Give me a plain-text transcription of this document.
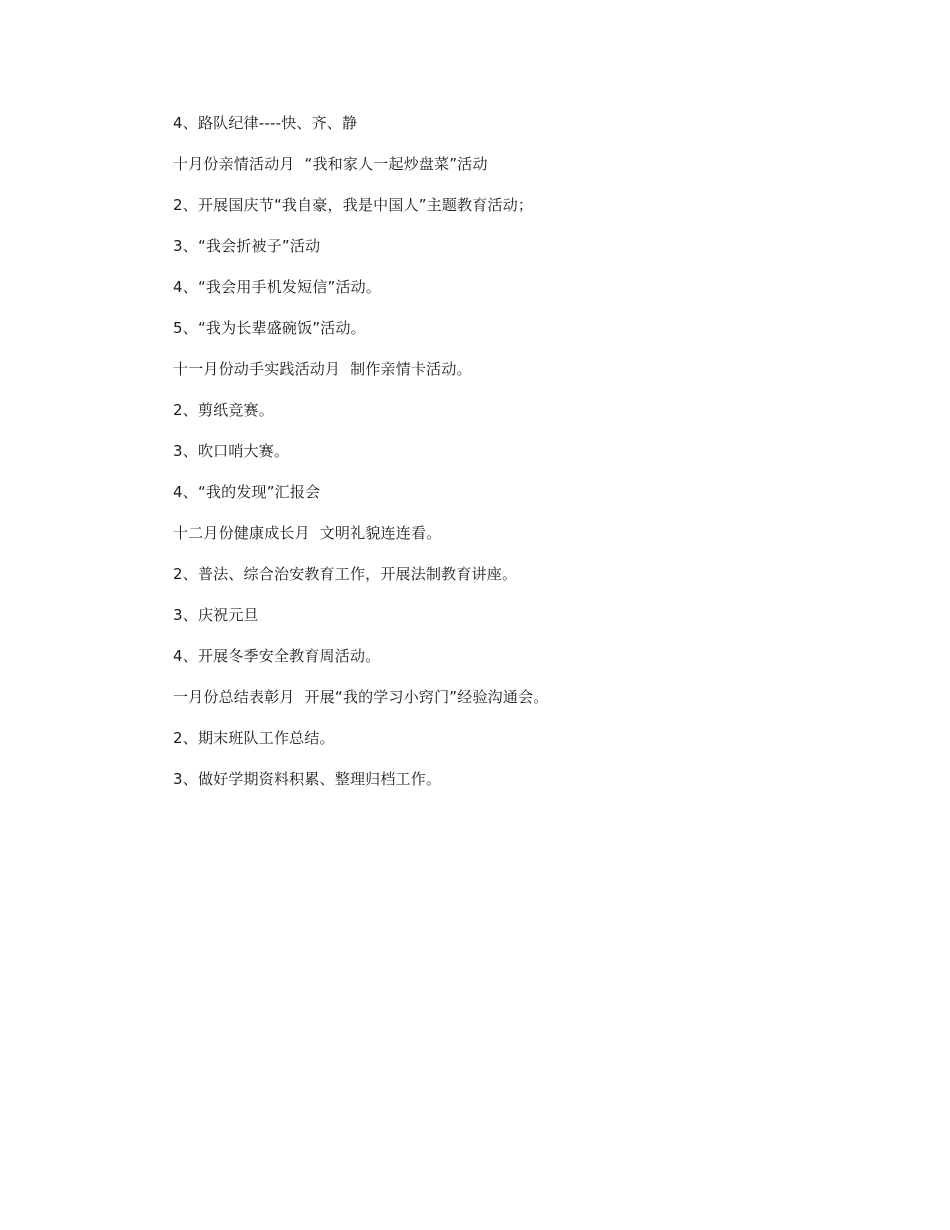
4、路队纪律----快、齐、静
十月份亲情活动月  “我和家人一起炒盘菜”活动
2、开展国庆节“我自豪，我是中国人”主题教育活动；
3、“我会折被子”活动
4、“我会用手机发短信”活动。
5、“我为长辈盛碗饭”活动。
十一月份动手实践活动月  制作亲情卡活动。
2、剪纸竞赛。
3、吹口哨大赛。
4、“我的发现”汇报会
十二月份健康成长月  文明礼貌连连看。
2、普法、综合治安教育工作，开展法制教育讲座。
3、庆祝元旦
4、开展冬季安全教育周活动。
一月份总结表彰月  开展“我的学习小窍门”经验沟通会。
2、期末班队工作总结。
3、做好学期资料积累、整理归档工作。
